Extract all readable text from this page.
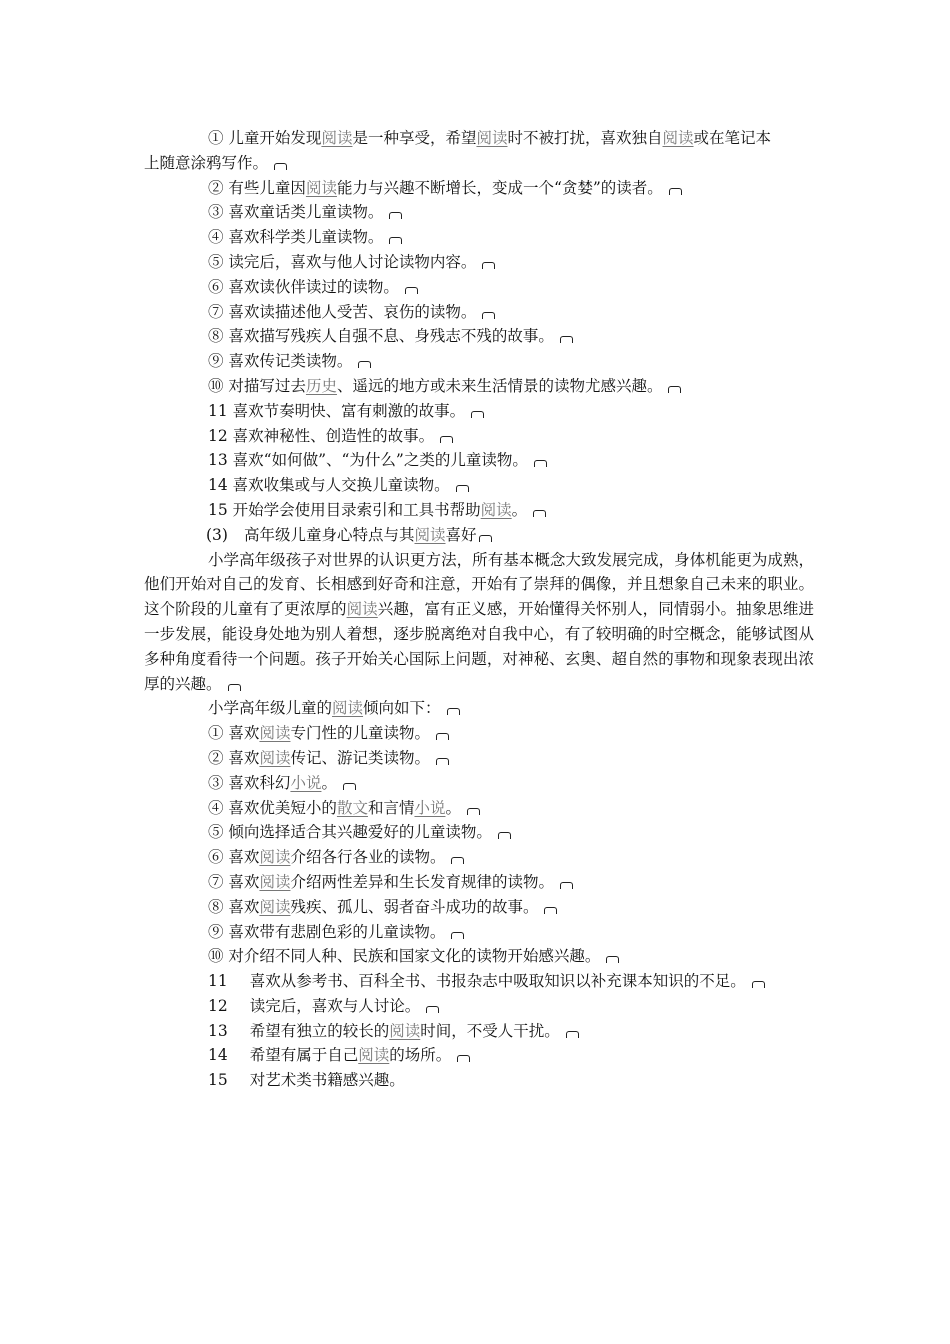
① 儿童开始发现阅读是一种享受，希望阅读时不被打扰，喜欢独自阅读或在笔记本
上随意涂鸦写作。
② 有些儿童因阅读能力与兴趣不断增长，变成一个“贪婪”的读者。
③ 喜欢童话类儿童读物。
④ 喜欢科学类儿童读物。
⑤ 读完后，喜欢与他人讨论读物内容。
⑥ 喜欢读伙伴读过的读物。
⑦ 喜欢读描述他人受苦、哀伤的读物。
⑧ 喜欢描写残疾人自强不息、身残志不残的故事。
⑨ 喜欢传记类读物。
⑩ 对描写过去历史、遥远的地方或未来生活情景的读物尤感兴趣。
11 喜欢节奏明快、富有刺激的故事。
12 喜欢神秘性、创造性的故事。
13 喜欢“如何做”、“为什么”之类的儿童读物。
14 喜欢收集或与人交换儿童读物。
15 开始学会使用目录索引和工具书帮助阅读。
(3) 高年级儿童身心特点与其阅读喜好

小学高年级孩子对世界的认识更方法，所有基本概念大致发展完成，身体机能更为成熟，他们开始对自己的发育、长相感到好奇和注意，开始有了崇拜的偶像，并且想象自己未来的职业。这个阶段的儿童有了更浓厚的阅读兴趣，富有正义感，开始懂得关怀别人，同情弱小。抽象思维进一步发展，能设身处地为别人着想，逐步脱离绝对自我中心，有了较明确的时空概念，能够试图从多种角度看待一个问题。孩子开始关心国际上问题，对神秘、玄奥、超自然的事物和现象表现出浓厚的兴趣。

小学高年级儿童的阅读倾向如下：
① 喜欢阅读专门性的儿童读物。
② 喜欢阅读传记、游记类读物。
③ 喜欢科幻小说。
④ 喜欢优美短小的散文和言情小说。
⑤ 倾向选择适合其兴趣爱好的儿童读物。
⑥ 喜欢阅读介绍各行各业的读物。
⑦ 喜欢阅读介绍两性差异和生长发育规律的读物。
⑧ 喜欢阅读残疾、孤儿、弱者奋斗成功的故事。
⑨ 喜欢带有悲剧色彩的儿童读物。
⑩ 对介绍不同人种、民族和国家文化的读物开始感兴趣。
11 喜欢从参考书、百科全书、书报杂志中吸取知识以补充课本知识的不足。
12 读完后，喜欢与人讨论。
13 希望有独立的较长的阅读时间，不受人干扰。
14 希望有属于自己阅读的场所。
15 对艺术类书籍感兴趣。
